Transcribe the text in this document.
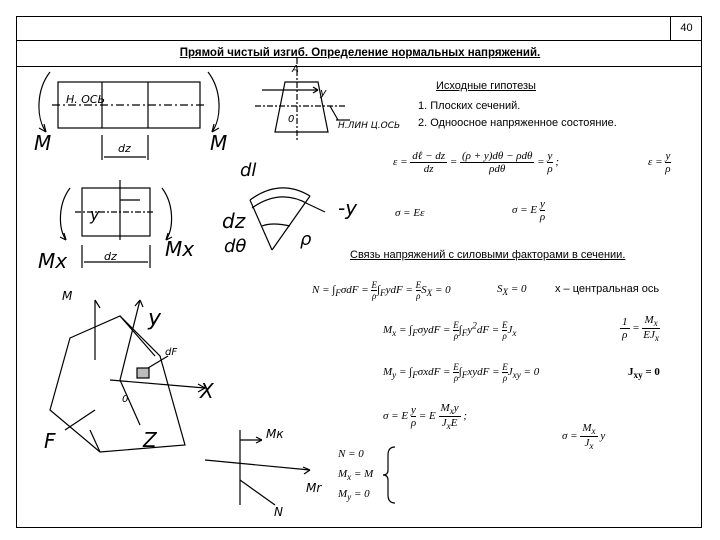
40
Прямой чистый изгиб. Определение нормальных напряжений.
Исходные гипотезы
1. Плоских сечений.
2. Одноосное напряженное состояние.
ε =
dℓ − dz
dz
=
(ρ + y)dθ − ρdθ
ρdθ
= $\frac{y}{\rho}$ ;	$\varepsilon = \frac{y}{\rho}$
σ = Eε	σ = E $\frac{y}{\rho}$
Связь напряжений с силовыми факторами в сечении.
$N = \int_F\sigma dF = \frac{E}{\rho} \int_FydF = \frac{E}{\rho} S_X = 0$	$S_X = 0$	x – центральная ось
$M_x = \int_F\sigma ydF = \frac{E}{\rho} \int_Fy^2dF = \frac{E}{\rho} J_x$	$\frac{1}{\rho}$ =
$M_x$
$EJ_x$
$M_y = \int_F\sigma xdF = \frac{E}{\rho}$ $\int_FxydF = \frac{E}{\rho} J_{xy} = 0$	$J_{xy} = 0$
σ = E $\frac{y}{\rho} = E$
$M_xy$
$J_xE$
;
$\sigma = \frac{M_x}{J_x}$ y
N = 0
$M_x = M$
$M_y = 0$
Н. ОСЬ
M	M
dz
A
0
y
Н.ЛИН Ц.ОСЬ
Mx	Mx
dz
y
dl
dz
dθ	ρ
-y
M
y
dF
X
Z
F
0
Mк
Mr
N
